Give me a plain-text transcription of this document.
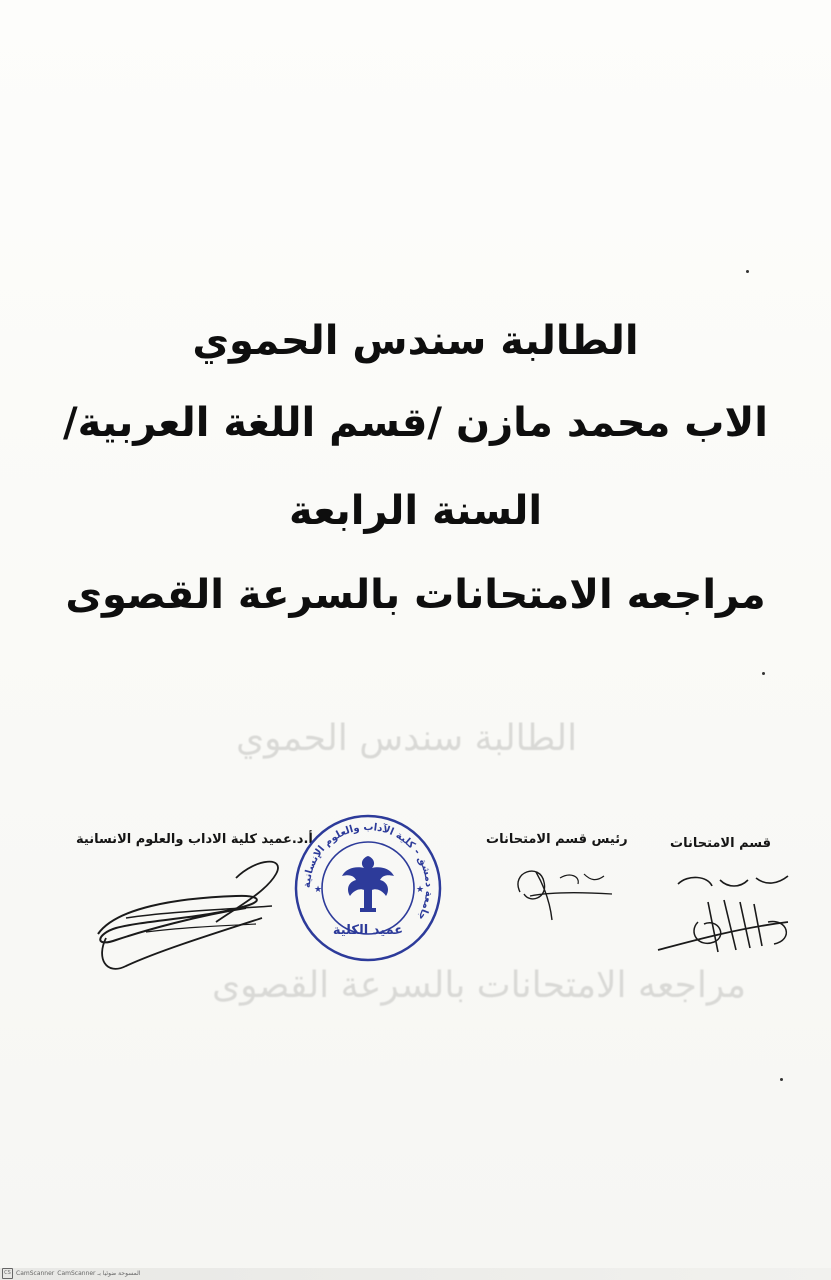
الطالبة سندس الحموي
الاب محمد مازن /قسم اللغة العربية/
السنة الرابعة
مراجعه الامتحانات بالسرعة القصوى
الطالبة سندس الحموي
مراجعه الامتحانات بالسرعة القصوى
قسم الامتحانات
رئيس قسم الامتحانات
أ.د.عميد كلية الاداب والعلوم الانسانية
جامعة دمشق - كلية الآداب والعلوم الإنسانية
عميد الكلية
★	★
CS CamScanner المسوحة ضوئيا بـ CamScanner
